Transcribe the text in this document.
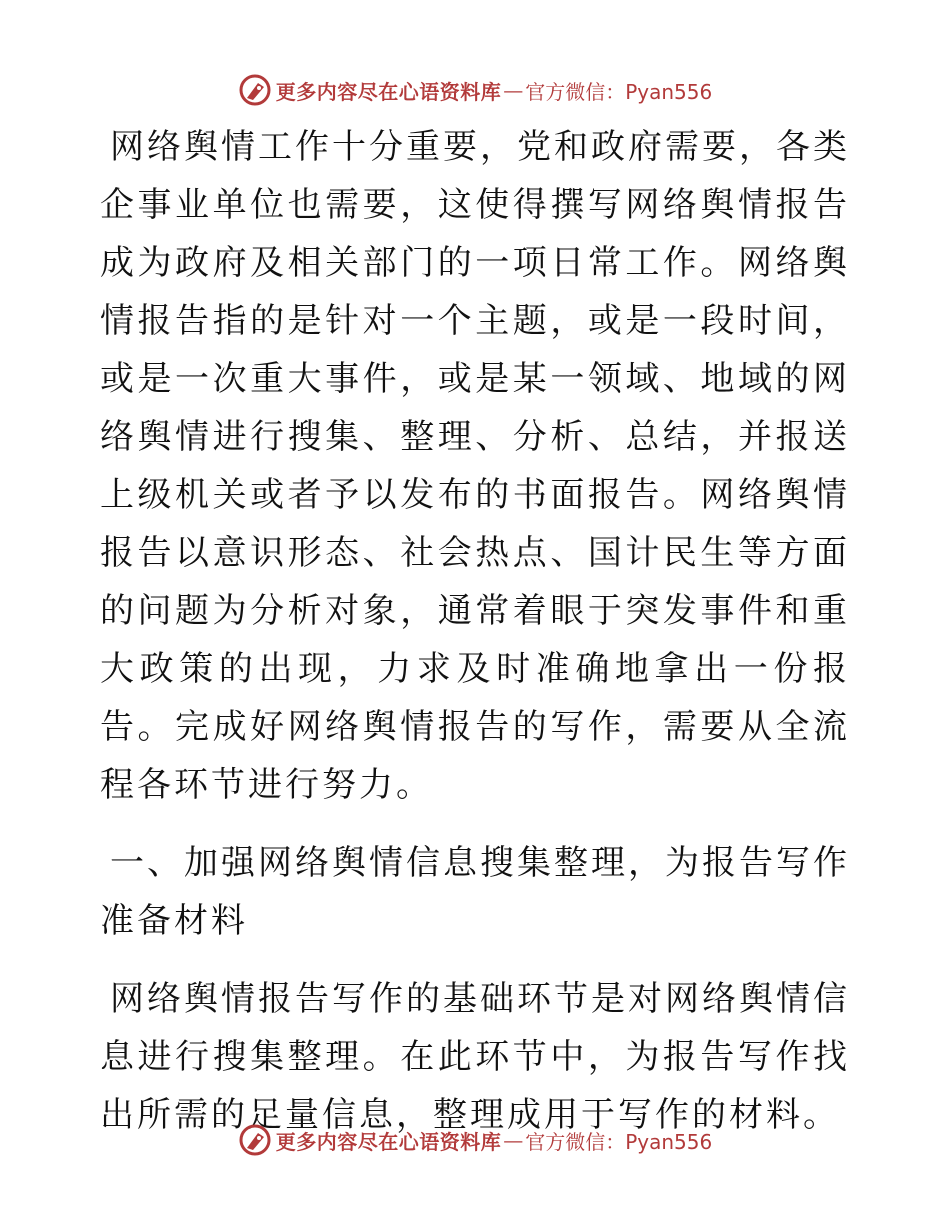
更多内容尽在心语资料库 — 官方微信：Pyan556

网络舆情工作十分重要，党和政府需要，各类企事业单位也需要，这使得撰写网络舆情报告成为政府及相关部门的一项日常工作。网络舆情报告指的是针对一个主题，或是一段时间，或是一次重大事件，或是某一领域、地域的网络舆情进行搜集、整理、分析、总结，并报送上级机关或者予以发布的书面报告。网络舆情报告以意识形态、社会热点、国计民生等方面的问题为分析对象，通常着眼于突发事件和重大政策的出现，力求及时准确地拿出一份报告。完成好网络舆情报告的写作，需要从全流程各环节进行努力。

一、加强网络舆情信息搜集整理，为报告写作准备材料

网络舆情报告写作的基础环节是对网络舆情信息进行搜集整理。在此环节中，为报告写作找出所需的足量信息，整理成用于写作的材料。

更多内容尽在心语资料库 — 官方微信：Pyan556
